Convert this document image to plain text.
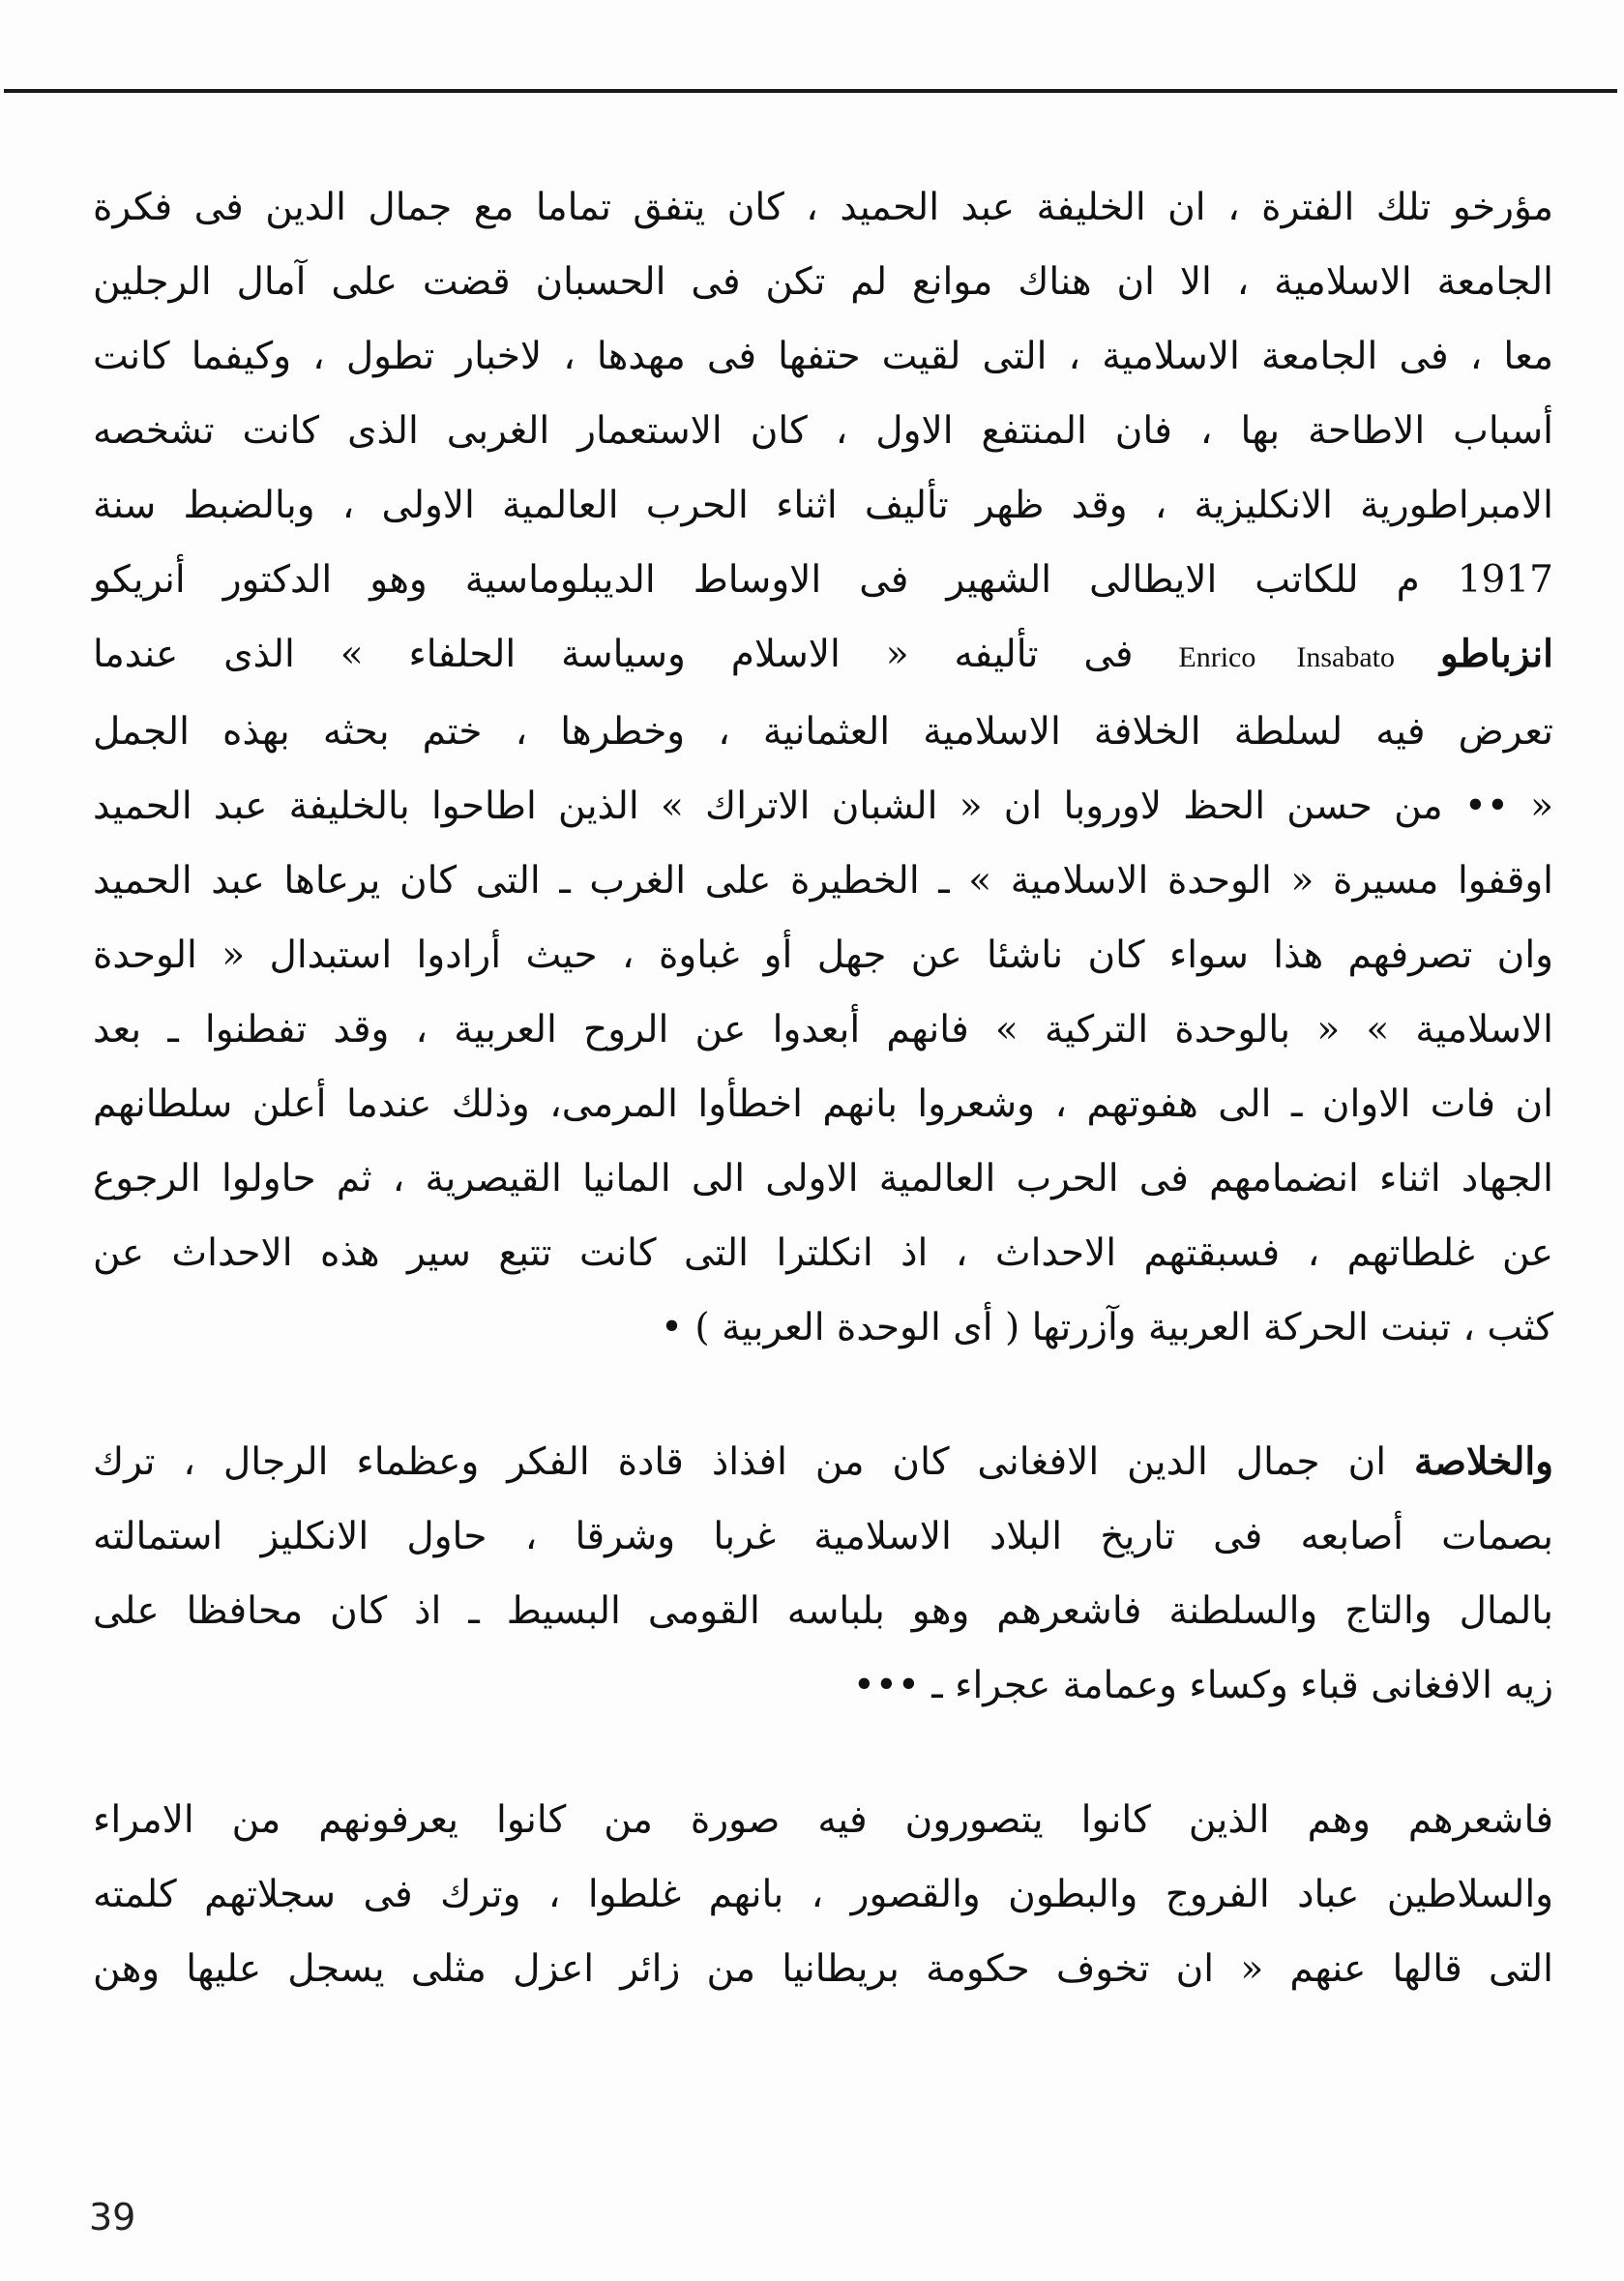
مؤرخو تلك الفترة ، ان الخليفة عبد الحميد ، كان يتفق تماما مع جمال الدين فى فكرة
الجامعة الاسلامية ، الا ان هناك موانع لم تكن فى الحسبان قضت على آمال الرجلين
معا ، فى الجامعة الاسلامية ، التى لقيت حتفها فى مهدها ، لاخبار تطول ، وكيفما كانت
أسباب الاطاحة بها ، فان المنتفع الاول ، كان الاستعمار الغربى الذى كانت تشخصه
الامبراطورية الانكليزية ، وقد ظهر تأليف اثناء الحرب العالمية الاولى ، وبالضبط سنة
1917 م للكاتب الايطالى الشهير فى الاوساط الديبلوماسية وهو الدكتور أنريكو
انزباطو Enrico Insabato فى تأليفه « الاسلام وسياسة الحلفاء » الذى عندما
تعرض فيه لسلطة الخلافة الاسلامية العثمانية ، وخطرها ، ختم بحثه بهذه الجمل
« •• من حسن الحظ لاوروبا ان « الشبان الاتراك » الذين اطاحوا بالخليفة عبد الحميد
اوقفوا مسيرة « الوحدة الاسلامية » ـ الخطيرة على الغرب ـ التى كان يرعاها عبد الحميد
وان تصرفهم هذا سواء كان ناشئا عن جهل أو غباوة ، حيث أرادوا استبدال « الوحدة
الاسلامية » « بالوحدة التركية » فانهم أبعدوا عن الروح العربية ، وقد تفطنوا ـ بعد
ان فات الاوان ـ الى هفوتهم ، وشعروا بانهم اخطأوا المرمى، وذلك عندما أعلن سلطانهم
الجهاد اثناء انضمامهم فى الحرب العالمية الاولى الى المانيا القيصرية ، ثم حاولوا الرجوع
عن غلطاتهم ، فسبقتهم الاحداث ، اذ انكلترا التى كانت تتبع سير هذه الاحداث عن
كثب ، تبنت الحركة العربية وآزرتها ( أى الوحدة العربية ) •
والخلاصة ان جمال الدين الافغانى كان من افذاذ قادة الفكر وعظماء الرجال ، ترك
بصمات أصابعه فى تاريخ البلاد الاسلامية غربا وشرقا ، حاول الانكليز استمالته
بالمال والتاج والسلطنة فاشعرهم وهو بلباسه القومى البسيط ـ اذ كان محافظا على
زيه الافغانى قباء وكساء وعمامة عجراء ـ •••
فاشعرهم وهم الذين كانوا يتصورون فيه صورة من كانوا يعرفونهم من الامراء
والسلاطين عباد الفروج والبطون والقصور ، بانهم غلطوا ، وترك فى سجلاتهم كلمته
التى قالها عنهم « ان تخوف حكومة بريطانيا من زائر اعزل مثلى يسجل عليها وهن
39
